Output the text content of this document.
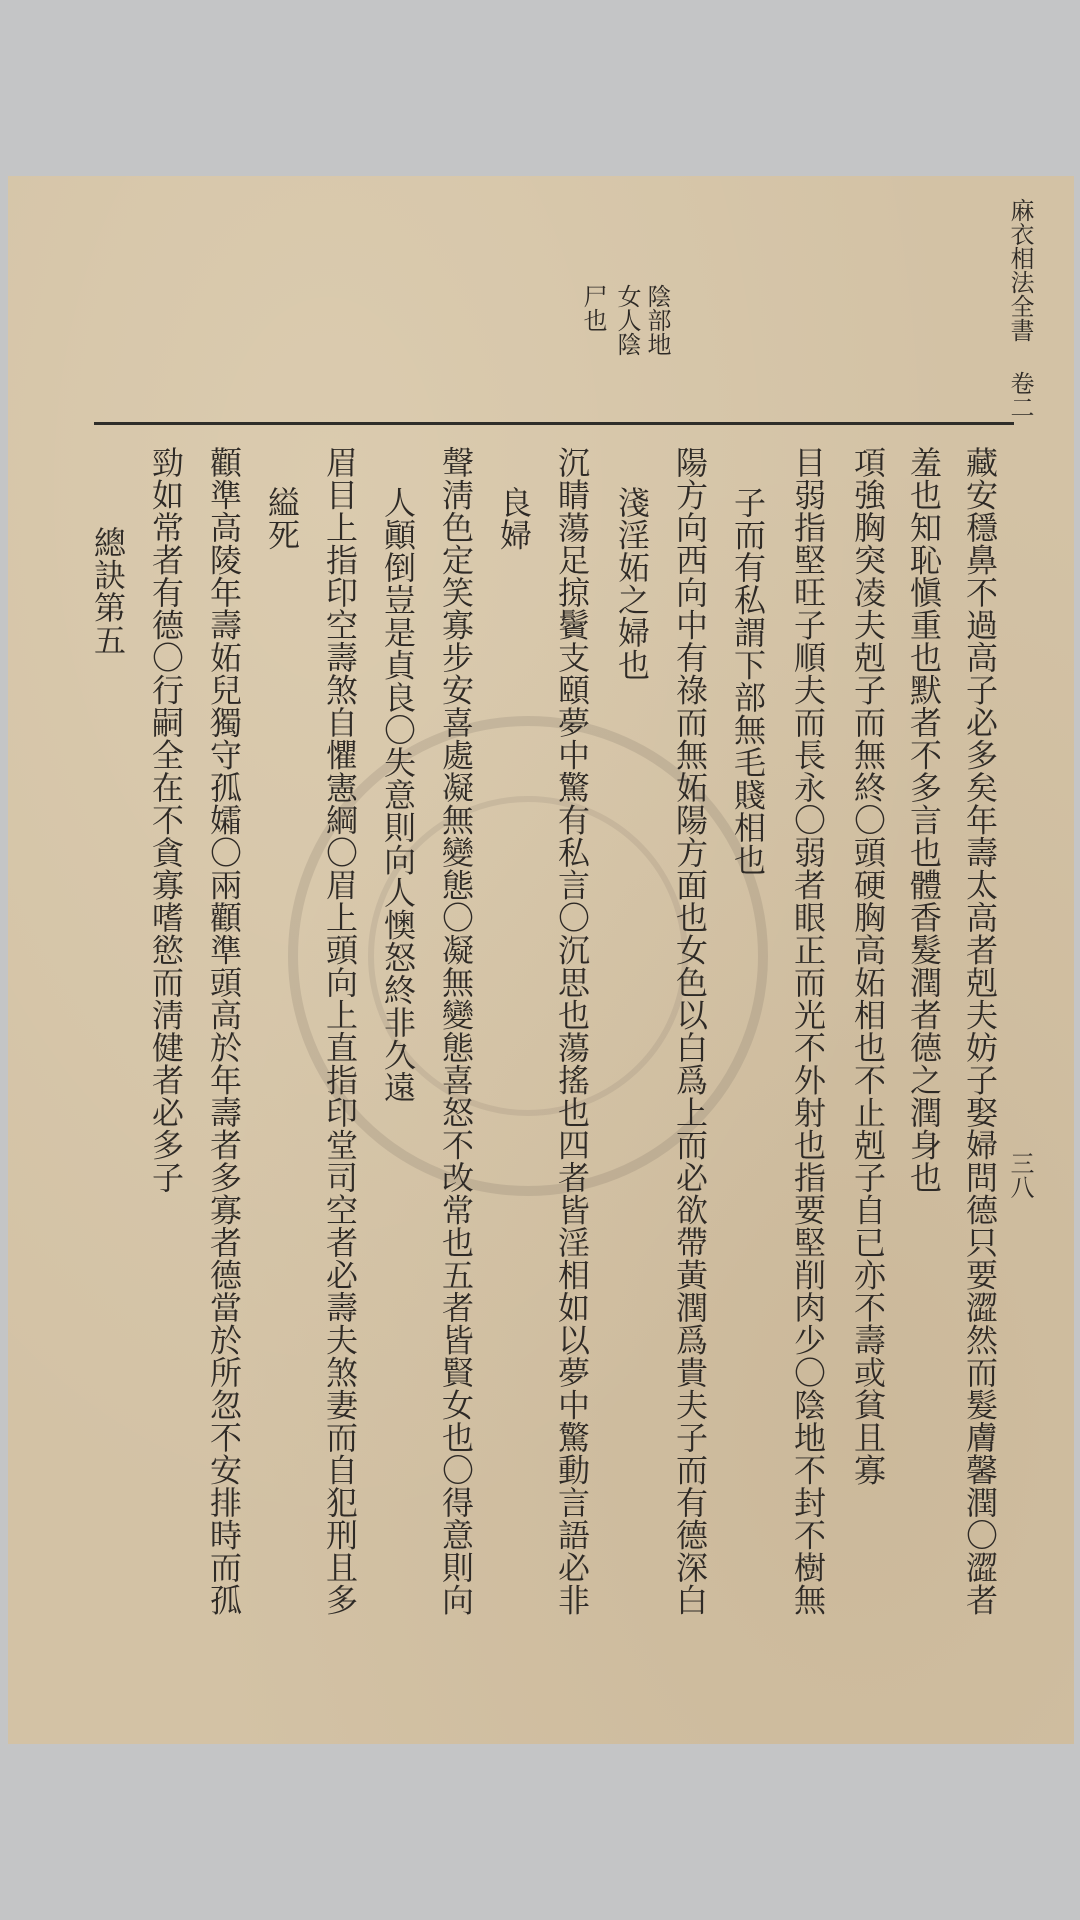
麻衣相法全書
三八
卷二
陰部地
女人陰
尸也
藏安穩鼻不過高子必多矣年壽太高者剋夫妨子娶婦問德只要澀然而髮膚馨潤〇澀者
羞也知恥愼重也默者不多言也體香髮潤者德之潤身也
項強胸突凌夫剋子而無終〇頭硬胸高妬相也不止剋子自已亦不壽或貧且寡
目弱指堅旺子順夫而長永〇弱者眼正而光不外射也指要堅削肉少〇陰地不封不樹無
子而有私謂下部無毛賤相也
陽方向西向中有祿而無妬陽方面也女色以白爲上而必欲帶黃潤爲貴夫子而有德深白
淺淫妬之婦也
沉睛蕩足掠鬢支頤夢中驚有私言〇沉思也蕩搖也四者皆淫相如以夢中驚動言語必非
良婦
聲淸色定笑寡步安喜處凝無變態〇凝無變態喜怒不改常也五者皆賢女也〇得意則向
人顚倒豈是貞良〇失意則向人懊怒終非久遠
眉目上指印空壽煞自懼憲綱〇眉上頭向上直指印堂司空者必壽夫煞妻而自犯刑且多
縊死
顴準高陵年壽妬兒獨守孤孀〇兩顴準頭高於年壽者多寡者德當於所忽不安排時而孤
勁如常者有德〇行嗣全在不貪寡嗜慾而淸健者必多子
總訣第五
